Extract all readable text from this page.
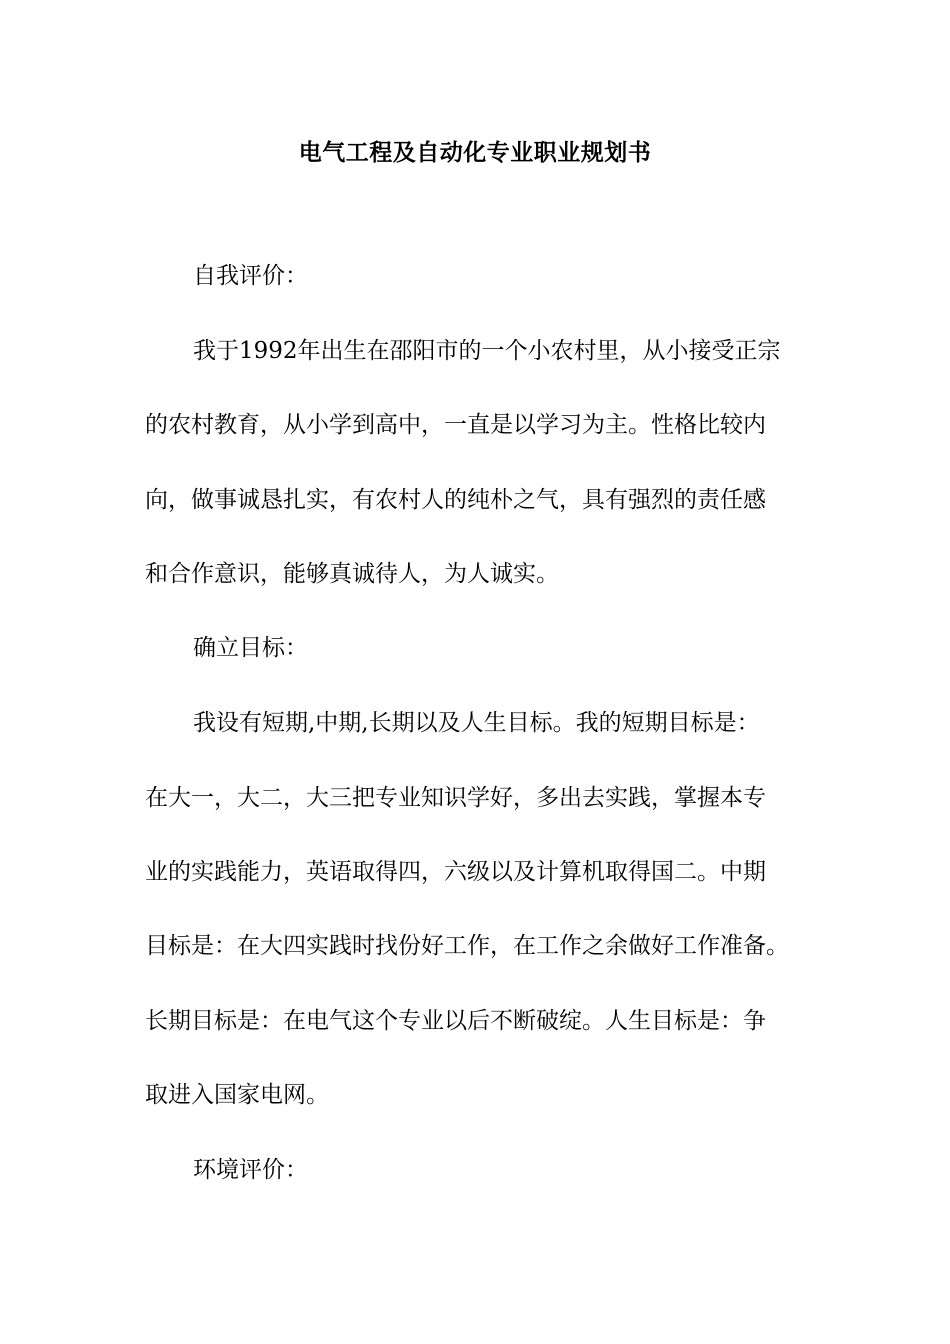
电气工程及自动化专业职业规划书
自我评价：
我于1992年出生在邵阳市的一个小农村里，从小接受正宗
的农村教育，从小学到高中，一直是以学习为主。性格比较内
向，做事诚恳扎实，有农村人的纯朴之气，具有强烈的责任感
和合作意识，能够真诚待人，为人诚实。
确立目标：
我设有短期,中期,长期以及人生目标。我的短期目标是：
在大一，大二，大三把专业知识学好，多出去实践，掌握本专
业的实践能力，英语取得四，六级以及计算机取得国二。中期
目标是：在大四实践时找份好工作，在工作之余做好工作准备。
长期目标是：在电气这个专业以后不断破绽。人生目标是：争
取进入国家电网。
环境评价：
